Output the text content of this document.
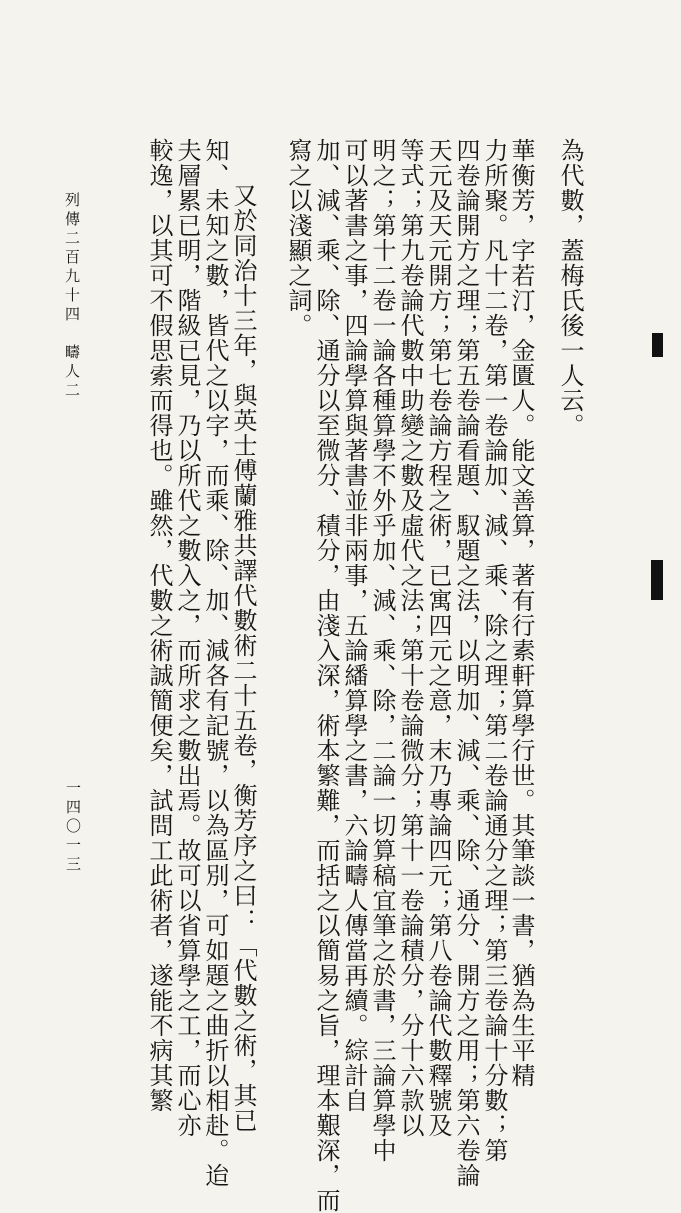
為代數，蓋梅氏後一人云。
華衡芳，字若汀，金匱人。能文善算，著有行素軒算學行世。其筆談一書，猶為生平精
力所聚。凡十二卷，第一卷論加、減、乘、除之理；第二卷論通分之理；第三卷論十分數；第
四卷論開方之理；第五卷論看題、馭題之法，以明加、減、乘、除、通分、開方之用；第六卷論
天元及天元開方；第七卷論方程之術，已寓四元之意，末乃專論四元；第八卷論代數釋號及
等式；第九卷論代數中助變之數及虛代之法；第十卷論微分；第十一卷論積分，分十六款以
明之；第十二卷一論各種算學不外乎加、減、乘、除，二論一切算稿宜筆之於書，三論算學中
可以著書之事，四論學算與著書並非兩事，五論繙算學之書，六論疇人傳當再續。綜計自
加、減、乘、除、通分以至微分、積分，由淺入深，術本繁難，而括之以簡易之旨，理本艱深，而
寫之以淺顯之詞。
又於同治十三年，與英士傅蘭雅共譯代數術二十五卷，衡芳序之曰：「代數之術，其已
知、未知之數，皆代之以字，而乘、除、加、減各有記號，以為區別，可如題之曲折以相赴。迨
夫層累已明，階級已見，乃以所代之數入之，而所求之數出焉。故可以省算學之工，而心亦
較逸，以其可不假思索而得也。雖然，代數之術誠簡便矣，試問工此術者，遂能不病其繁
列傳二百九十四　疇人二
一四〇一三
